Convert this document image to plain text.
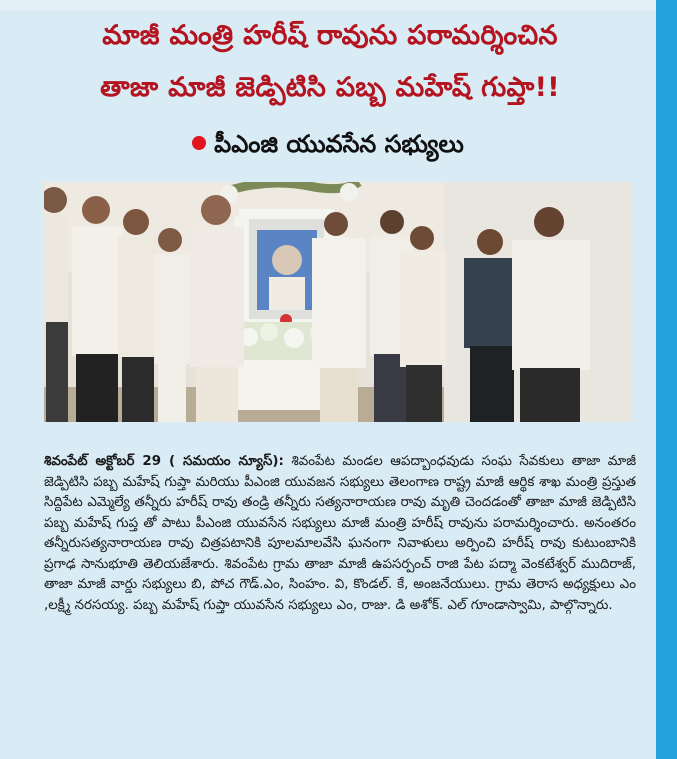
మాజీ మంత్రి హరీష్ రావును పరామర్శించిన
తాజా మాజీ జెడ్పిటిసి పబ్బ మహేష్ గుప్తా!!
పీఎంజి యువసేన సభ్యులు
శివంపేట్ అక్టోబర్ 29 ( సమయం న్యూస్): శివంపేట మండల ఆపద్బాంధవుడు సంఘ సేవకులు తాజా మాజీ జెడ్పిటిసి పబ్బ మహేష్ గుప్తా మరియు పీఎంజి యువజన సభ్యులు తెలంగాణ రాష్ట్ర మాజీ ఆర్థిక శాఖ మంత్రి ప్రస్తుత సిద్దిపేట ఎమ్మెల్యే తన్నీరు హరీష్ రావు తండ్రి తన్నీరు సత్యనారాయణ రావు మృతి చెందడంతో తాజా మాజీ జెడ్పిటిసి పబ్బ మహేష్ గుప్త తో పాటు పీఎంజి యువసేన సభ్యులు మాజీ మంత్రి హరీష్ రావును పరామర్శించారు. అనంతరం తన్నీరుసత్యనారాయణ రావు చిత్రపటానికి పూలమాలవేసి ఘనంగా నివాళులు అర్పించి హరీష్ రావు కుటుంబానికి ప్రగాఢ సానుభూతి తెలియజేశారు. శివంపేట గ్రామ తాజా మాజీ ఉపసర్పంచ్ రాజి పేట పద్మా వెంకటేశ్వర్ ముదిరాజ్, తాజా మాజీ వార్డు సభ్యులు బి, పోచ గౌడ్.ఎం, సింహం. వి, కొండల్. కే, అంజనేయులు. గ్రామ తెరాస అధ్యక్షులు ఎం ,లక్ష్మీ నరసయ్య. పబ్బ మహేష్ గుప్తా యువసేన సభ్యులు ఎం, రాజు. డి అశోక్. ఎల్ గూండాస్వామి, పాల్గొన్నారు.
